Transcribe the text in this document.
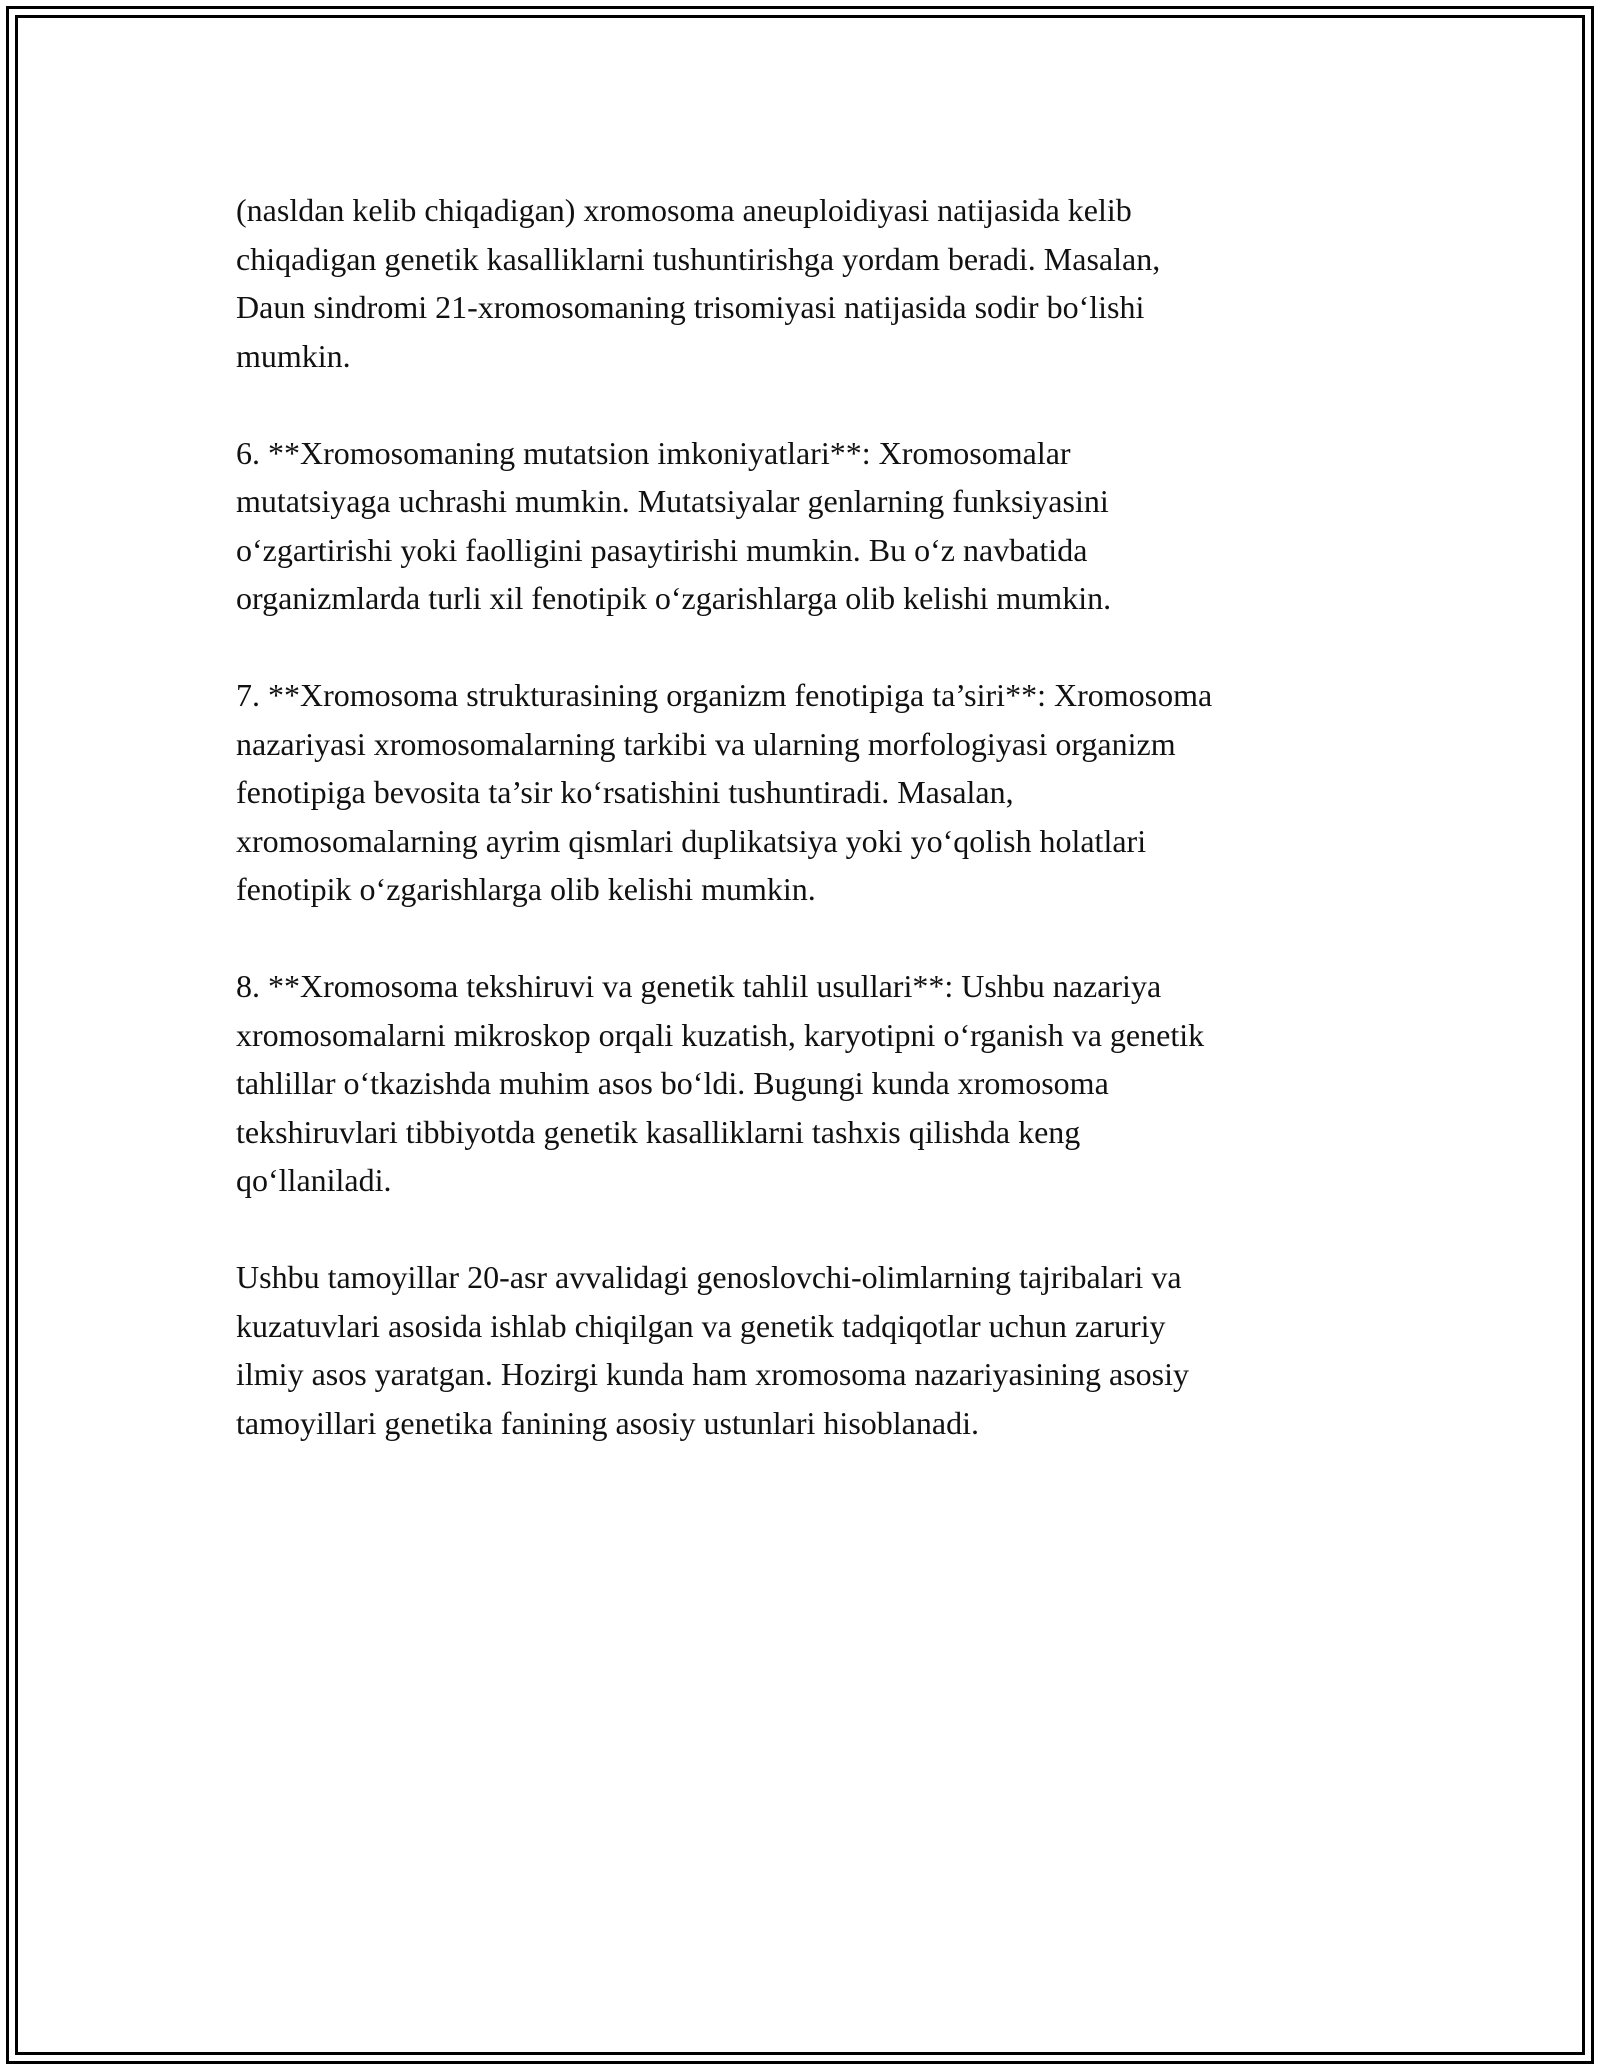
(nasldan kelib chiqadigan) xromosoma aneuploidiyasi natijasida kelib
chiqadigan genetik kasalliklarni tushuntirishga yordam beradi. Masalan,
Daun sindromi 21-xromosomaning trisomiyasi natijasida sodir bo‘lishi
mumkin.

6. **Xromosomaning mutatsion imkoniyatlari**: Xromosomalar
mutatsiyaga uchrashi mumkin. Mutatsiyalar genlarning funksiyasini
o‘zgartirishi yoki faolligini pasaytirishi mumkin. Bu o‘z navbatida
organizmlarda turli xil fenotipik o‘zgarishlarga olib kelishi mumkin.

7. **Xromosoma strukturasining organizm fenotipiga ta’siri**: Xromosoma
nazariyasi xromosomalarning tarkibi va ularning morfologiyasi organizm
fenotipiga bevosita ta’sir ko‘rsatishini tushuntiradi. Masalan,
xromosomalarning ayrim qismlari duplikatsiya yoki yo‘qolish holatlari
fenotipik o‘zgarishlarga olib kelishi mumkin.

8. **Xromosoma tekshiruvi va genetik tahlil usullari**: Ushbu nazariya
xromosomalarni mikroskop orqali kuzatish, karyotipni o‘rganish va genetik
tahlillar o‘tkazishda muhim asos bo‘ldi. Bugungi kunda xromosoma
tekshiruvlari tibbiyotda genetik kasalliklarni tashxis qilishda keng
qo‘llaniladi.

Ushbu tamoyillar 20-asr avvalidagi genoslovchi-olimlarning tajribalari va
kuzatuvlari asosida ishlab chiqilgan va genetik tadqiqotlar uchun zaruriy
ilmiy asos yaratgan. Hozirgi kunda ham xromosoma nazariyasining asosiy
tamoyillari genetika fanining asosiy ustunlari hisoblanadi.
